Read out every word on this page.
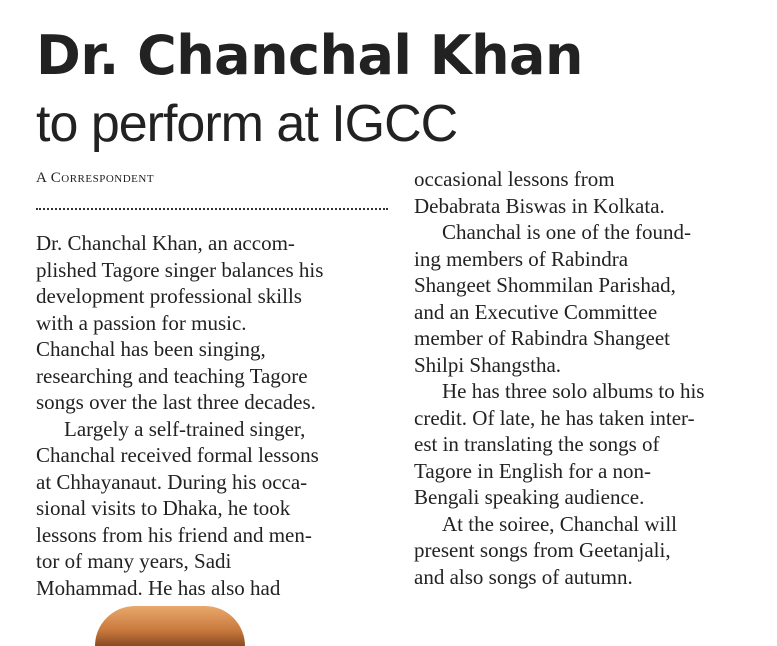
Dr. Chanchal Khan
to perform at IGCC
A Correspondent

Dr. Chanchal Khan, an accom-

plished Tagore singer balances his

development professional skills

with a passion for music.

Chanchal has been singing,

researching and teaching Tagore

songs over the last three decades.

Largely a self-trained singer,

Chanchal received formal lessons

at Chhayanaut. During his occa-

sional visits to Dhaka, he took

lessons from his friend and men-

tor of many years, Sadi

Mohammad. He has also had

occasional lessons from

Debabrata Biswas in Kolkata.

Chanchal is one of the found-

ing members of Rabindra

Shangeet Shommilan Parishad,

and an Executive Committee

member of Rabindra Shangeet

Shilpi Shangstha.

He has three solo albums to his

credit. Of late, he has taken inter-

est in translating the songs of

Tagore in English for a non-

Bengali speaking audience.

At the soiree, Chanchal will

present songs from Geetanjali,

and also songs of autumn.
